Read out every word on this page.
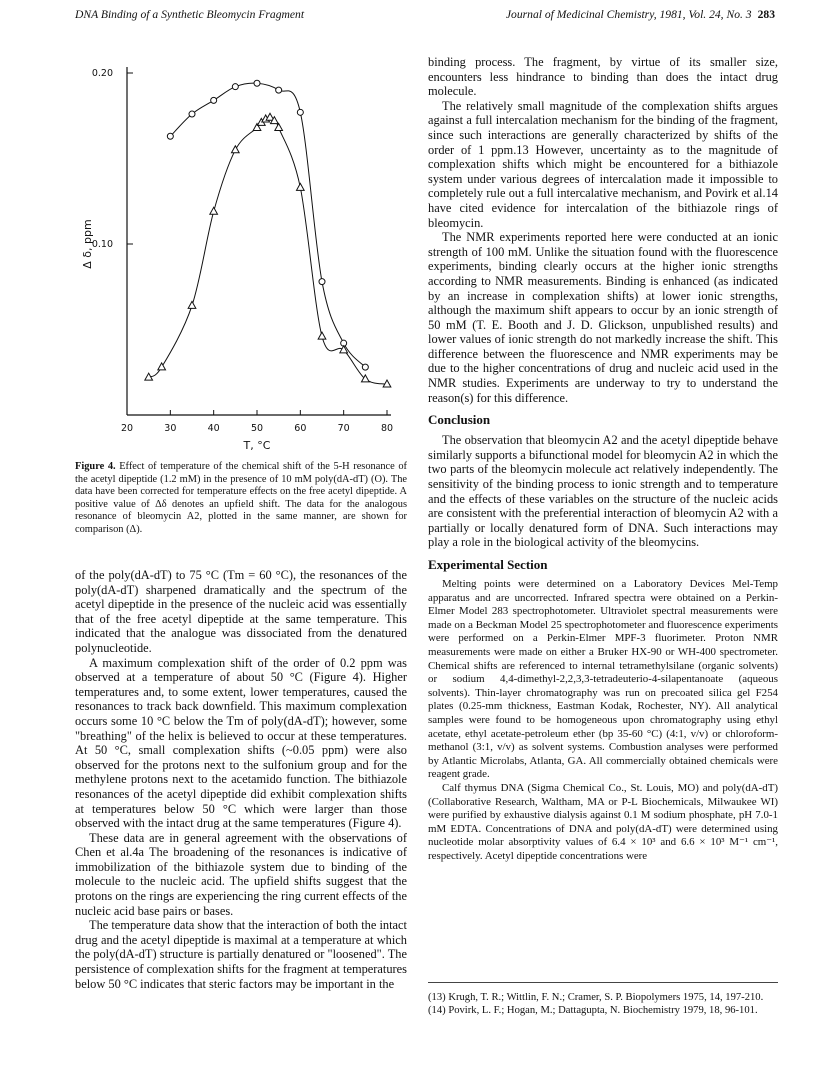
DNA Binding of a Synthetic Bleomycin Fragment	Journal of Medicinal Chemistry, 1981, Vol. 24, No. 3 283
20	30	40	50	60	70	80
0.10
0.20
T, °C
Δ δ, ppm
Figure 4. Effect of temperature of the chemical shift of the 5-H resonance of the acetyl dipeptide (1.2 mM) in the presence of 10 mM poly(dA-dT) (O). The data have been corrected for temperature effects on the free acetyl dipeptide. A positive value of Δδ denotes an upfield shift. The data for the analogous resonance of bleomycin A2, plotted in the same manner, are shown for comparison (Δ).

of the poly(dA-dT) to 75 °C (Tm = 60 °C), the resonances of the poly(dA-dT) sharpened dramatically and the spectrum of the acetyl dipeptide in the presence of the nucleic acid was essentially that of the free acetyl dipeptide at the same temperature. This indicated that the analogue was dissociated from the denatured polynucleotide.

A maximum complexation shift of the order of 0.2 ppm was observed at a temperature of about 50 °C (Figure 4). Higher temperatures and, to some extent, lower temperatures, caused the resonances to track back downfield. This maximum complexation occurs some 10 °C below the Tm of poly(dA-dT); however, some "breathing" of the helix is believed to occur at these temperatures. At 50 °C, small complexation shifts (~0.05 ppm) were also observed for the protons next to the sulfonium group and for the methylene protons next to the acetamido function. The bithiazole resonances of the acetyl dipeptide did exhibit complexation shifts at temperatures below 50 °C which were larger than those observed with the intact drug at the same temperatures (Figure 4).

These data are in general agreement with the observations of Chen et al.4a The broadening of the resonances is indicative of immobilization of the bithiazole system due to binding of the molecule to the nucleic acid. The upfield shifts suggest that the protons on the rings are experiencing the ring current effects of the nucleic acid base pairs or bases.

The temperature data show that the interaction of both the intact drug and the acetyl dipeptide is maximal at a temperature at which the poly(dA-dT) structure is partially denatured or "loosened". The persistence of complexation shifts for the fragment at temperatures below 50 °C indicates that steric factors may be important in the

binding process. The fragment, by virtue of its smaller size, encounters less hindrance to binding than does the intact drug molecule.

The relatively small magnitude of the complexation shifts argues against a full intercalation mechanism for the binding of the fragment, since such interactions are generally characterized by shifts of the order of 1 ppm.13 However, uncertainty as to the magnitude of complexation shifts which might be encountered for a bithiazole system under various degrees of intercalation made it impossible to completely rule out a full intercalative mechanism, and Povirk et al.14 have cited evidence for intercalation of the bithiazole rings of bleomycin.

The NMR experiments reported here were conducted at an ionic strength of 100 mM. Unlike the situation found with the fluorescence experiments, binding clearly occurs at the higher ionic strengths according to NMR measurements. Binding is enhanced (as indicated by an increase in complexation shifts) at lower ionic strengths, although the maximum shift appears to occur by an ionic strength of 50 mM (T. E. Booth and J. D. Glickson, unpublished results) and lower values of ionic strength do not markedly increase the shift. This difference between the fluorescence and NMR experiments may be due to the higher concentrations of drug and nucleic acid used in the NMR studies. Experiments are underway to try to understand the reason(s) for this difference.

Conclusion

The observation that bleomycin A2 and the acetyl dipeptide behave similarly supports a bifunctional model for bleomycin A2 in which the two parts of the bleomycin molecule act relatively independently. The sensitivity of the binding process to ionic strength and to temperature and the effects of these variables on the structure of the nucleic acids are consistent with the preferential interaction of bleomycin A2 with a partially or locally denatured form of DNA. Such interactions may play a role in the biological activity of the bleomycins.

Experimental Section

Melting points were determined on a Laboratory Devices Mel-Temp apparatus and are uncorrected. Infrared spectra were obtained on a Perkin-Elmer Model 283 spectrophotometer. Ultraviolet spectral measurements were made on a Beckman Model 25 spectrophotometer and fluorescence experiments were performed on a Perkin-Elmer MPF-3 fluorimeter. Proton NMR measurements were made on either a Bruker HX-90 or WH-400 spectrometer. Chemical shifts are referenced to internal tetramethylsilane (organic solvents) or sodium 4,4-dimethyl-2,2,3,3-tetradeuterio-4-silapentanoate (aqueous solvents). Thin-layer chromatography was run on precoated silica gel F254 plates (0.25-mm thickness, Eastman Kodak, Rochester, NY). All analytical samples were found to be homogeneous upon chromatography using ethyl acetate, ethyl acetate-petroleum ether (bp 35-60 °C) (4:1, v/v) or chloroform-methanol (3:1, v/v) as solvent systems. Combustion analyses were performed by Atlantic Microlabs, Atlanta, GA. All commercially obtained chemicals were reagent grade.

Calf thymus DNA (Sigma Chemical Co., St. Louis, MO) and poly(dA-dT) (Collaborative Research, Waltham, MA or P-L Biochemicals, Milwaukee WI) were purified by exhaustive dialysis against 0.1 M sodium phosphate, pH 7.0-1 mM EDTA. Concentrations of DNA and poly(dA-dT) were determined using nucleotide molar absorptivity values of 6.4 × 10³ and 6.6 × 10³ M⁻¹ cm⁻¹, respectively. Acetyl dipeptide concentrations were

(13) Krugh, T. R.; Wittlin, F. N.; Cramer, S. P. Biopolymers 1975, 14, 197-210.
(14) Povirk, L. F.; Hogan, M.; Dattagupta, N. Biochemistry 1979, 18, 96-101.
